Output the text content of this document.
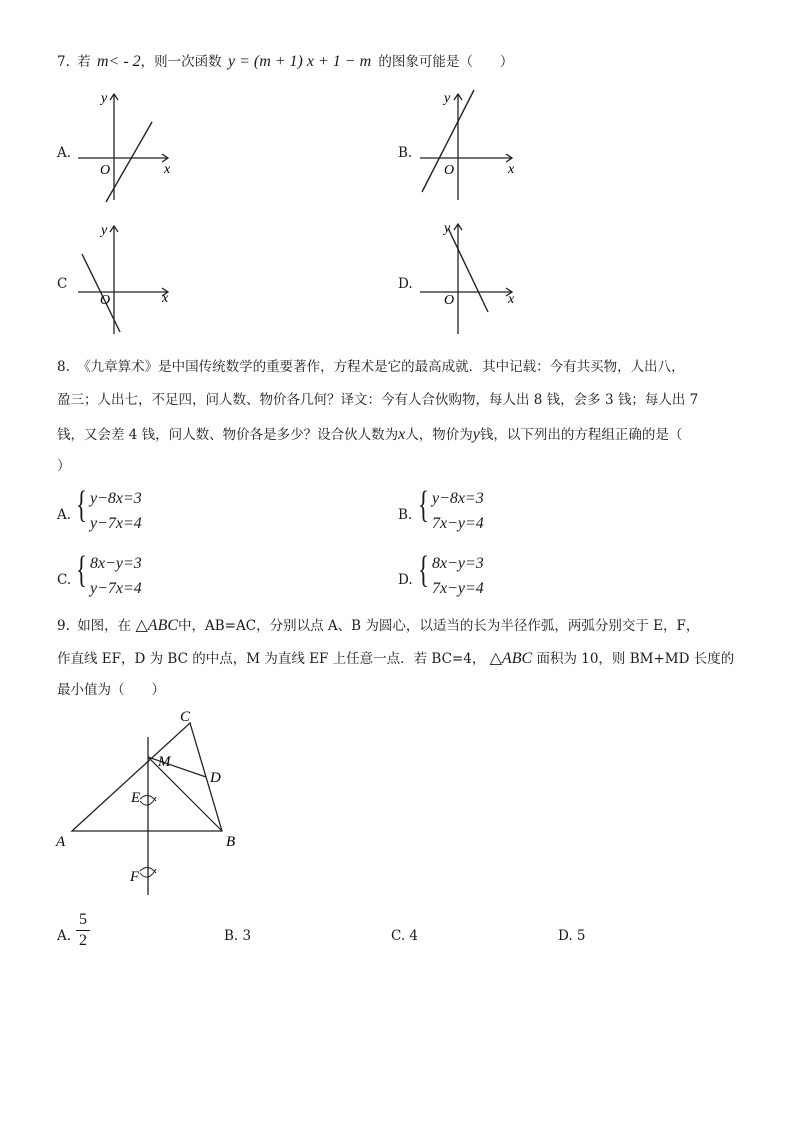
7. 若 m< - 2，则一次函数 y = (m + 1) x + 1 − m 的图象可能是（　　）
A.
y
x
O
B.
y
x
O
C
y
x
O
D.
y
x
O
8. 《九章算术》是中国传统数学的重要著作，方程术是它的最高成就．其中记载：今有共买物，人出八，
盈三；人出七，不足四，问人数、物价各几何？译文：今有人合伙购物，每人出 8 钱，会多 3 钱；每人出 7
钱，又会差 4 钱，问人数、物价各是多少？设合伙人数为x人，物价为y钱，以下列出的方程组正确的是（
）
A. { y−8x=3
y−7x=4	B. { y−8x=3
7x−y=4
C. { 8x−y=3
y−7x=4	D. { 8x−y=3
7x−y=4
9. 如图，在 △ABC中，AB=AC，分别以点 A、B 为圆心，以适当的长为半径作弧，两弧分别交于 E，F，
作直线 EF，D 为 BC 的中点，M 为直线 EF 上任意一点．若 BC=4， △ABC 面积为 10，则 BM+MD 长度的
最小值为（　　）
C
M
D
E
A	B
F
A.
5
2	B. 3	C. 4	D. 5
